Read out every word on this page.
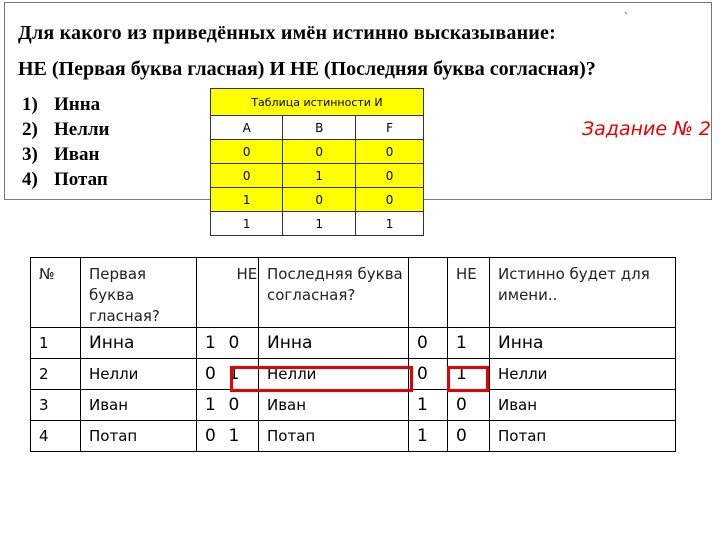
`
Для какого из приведённых имён истинно высказывание:
НЕ (Первая буква гласная) И НЕ (Последняя буква согласная)?
1) Инна
2) Нелли
3) Иван
4) Потап
Таблица истинности И		
A	B	F
0	0	0
0	1	0
1	0	0
1	1	1
Задание № 2
№	Первая буква гласная?		НЕ	Последняя буква согласная?		НЕ	Истинно будет для имени..
1	Инна	1	0	Инна	0	1	Инна
2	Нелли	0	1	Нелли	0	1	Нелли
3	Иван	1	0	Иван	1	0	Иван
4	Потап	0	1	Потап	1	0	Потап
